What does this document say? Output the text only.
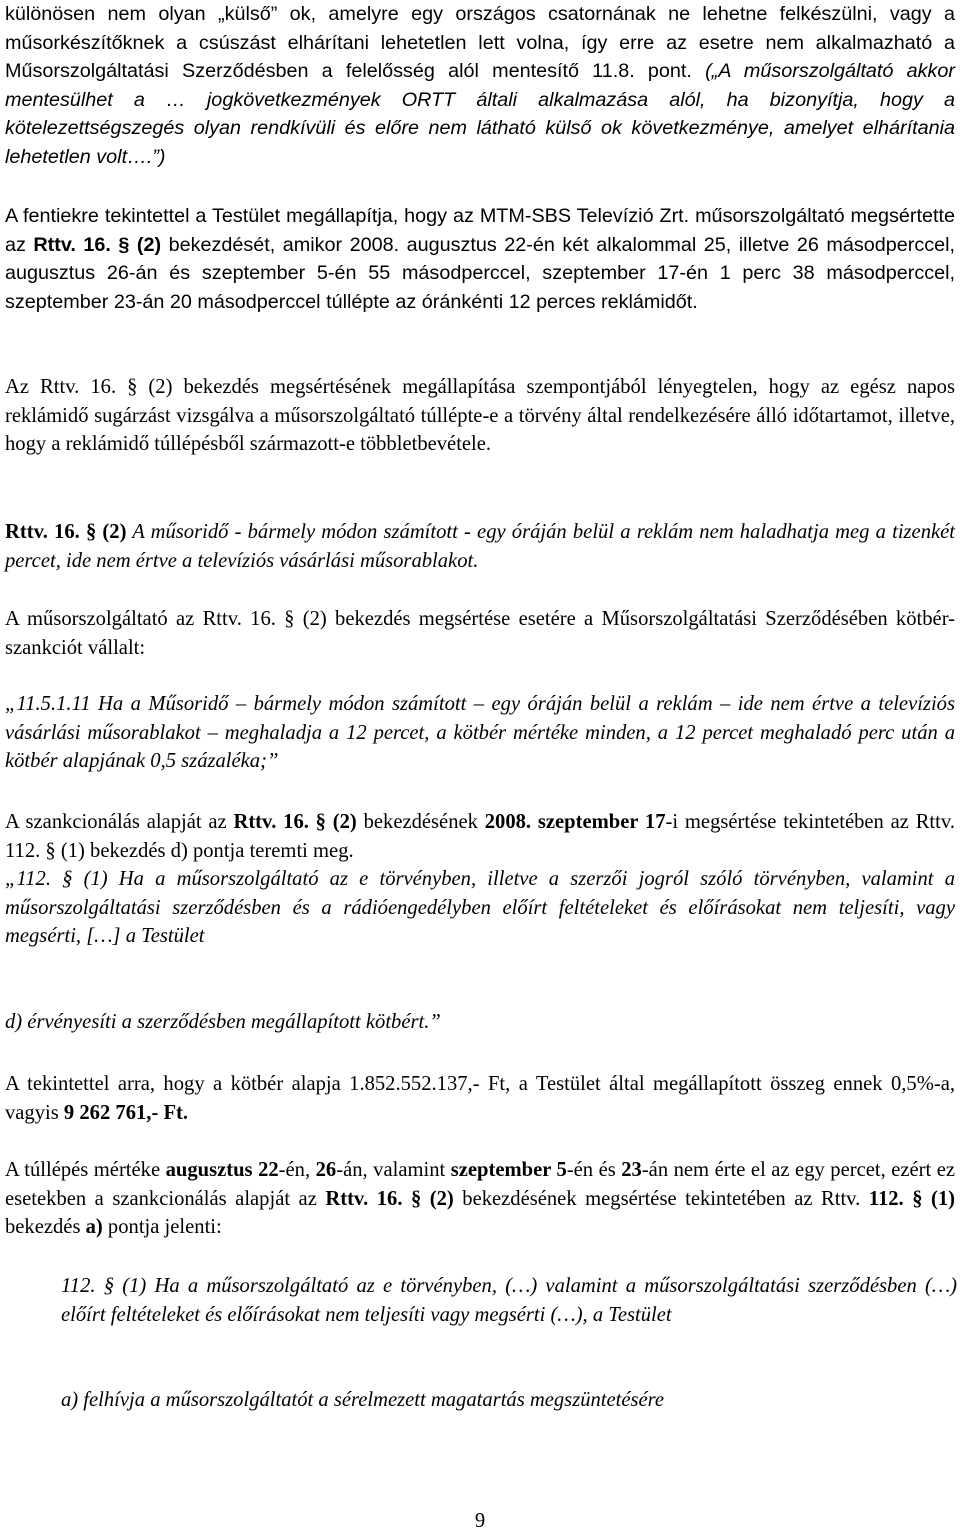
különösen nem olyan „külső” ok, amelyre egy országos csatornának ne lehetne felkészülni, vagy a műsorkészítőknek a csúszást elhárítani lehetetlen lett volna, így erre az esetre nem alkalmazható a Műsorszolgáltatási Szerződésben a felelősség alól mentesítő 11.8. pont. („A műsorszolgáltató akkor mentesülhet a … jogkövetkezmények ORTT általi alkalmazása alól, ha bizonyítja, hogy a kötelezettségszegés olyan rendkívüli és előre nem látható külső ok következménye, amelyet elhárítania lehetetlen volt….”)

A fentiekre tekintettel a Testület megállapítja, hogy az MTM-SBS Televízió Zrt. műsorszolgáltató megsértette az Rttv. 16. § (2) bekezdését, amikor 2008. augusztus 22-én két alkalommal 25, illetve 26 másodperccel, augusztus 26-án és szeptember 5-én 55 másodperccel, szeptember 17-én 1 perc 38 másodperccel, szeptember 23-án 20 másodperccel túllépte az óránkénti 12 perces reklámidőt.

Az Rttv. 16. § (2) bekezdés megsértésének megállapítása szempontjából lényegtelen, hogy az egész napos reklámidő sugárzást vizsgálva a műsorszolgáltató túllépte-e a törvény által rendelkezésére álló időtartamot, illetve, hogy a reklámidő túllépésből származott-e többletbevétele.

Rttv. 16. § (2) A műsoridő - bármely módon számított - egy óráján belül a reklám nem haladhatja meg a tizenkét percet, ide nem értve a televíziós vásárlási műsorablakot.

A műsorszolgáltató az Rttv. 16. § (2) bekezdés megsértése esetére a Műsorszolgáltatási Szerződésében kötbér-szankciót vállalt:

„11.5.1.11 Ha a Műsoridő – bármely módon számított – egy óráján belül a reklám – ide nem értve a televíziós vásárlási műsorablakot – meghaladja a 12 percet, a kötbér mértéke minden, a 12 percet meghaladó perc után a kötbér alapjának 0,5 százaléka;”

A szankcionálás alapját az Rttv. 16. § (2) bekezdésének 2008. szeptember 17-i megsértése tekintetében az Rttv. 112. § (1) bekezdés d) pontja teremti meg.

„112. § (1) Ha a műsorszolgáltató az e törvényben, illetve a szerzői jogról szóló törvényben, valamint a műsorszolgáltatási szerződésben és a rádióengedélyben előírt feltételeket és előírásokat nem teljesíti, vagy megsérti, […] a Testület

d) érvényesíti a szerződésben megállapított kötbért.”

A tekintettel arra, hogy a kötbér alapja 1.852.552.137,- Ft, a Testület által megállapított összeg ennek 0,5%-a, vagyis 9 262 761,- Ft.

A túllépés mértéke augusztus 22-én, 26-án, valamint szeptember 5-én és 23-án nem érte el az egy percet, ezért ez esetekben a szankcionálás alapját az Rttv. 16. § (2) bekezdésének megsértése tekintetében az Rttv. 112. § (1) bekezdés a) pontja jelenti:

112. § (1) Ha a műsorszolgáltató az e törvényben, (…) valamint a műsorszolgáltatási szerződésben (…) előírt feltételeket és előírásokat nem teljesíti vagy megsérti (…), a Testület

a) felhívja a műsorszolgáltatót a sérelmezett magatartás megszüntetésére

9
